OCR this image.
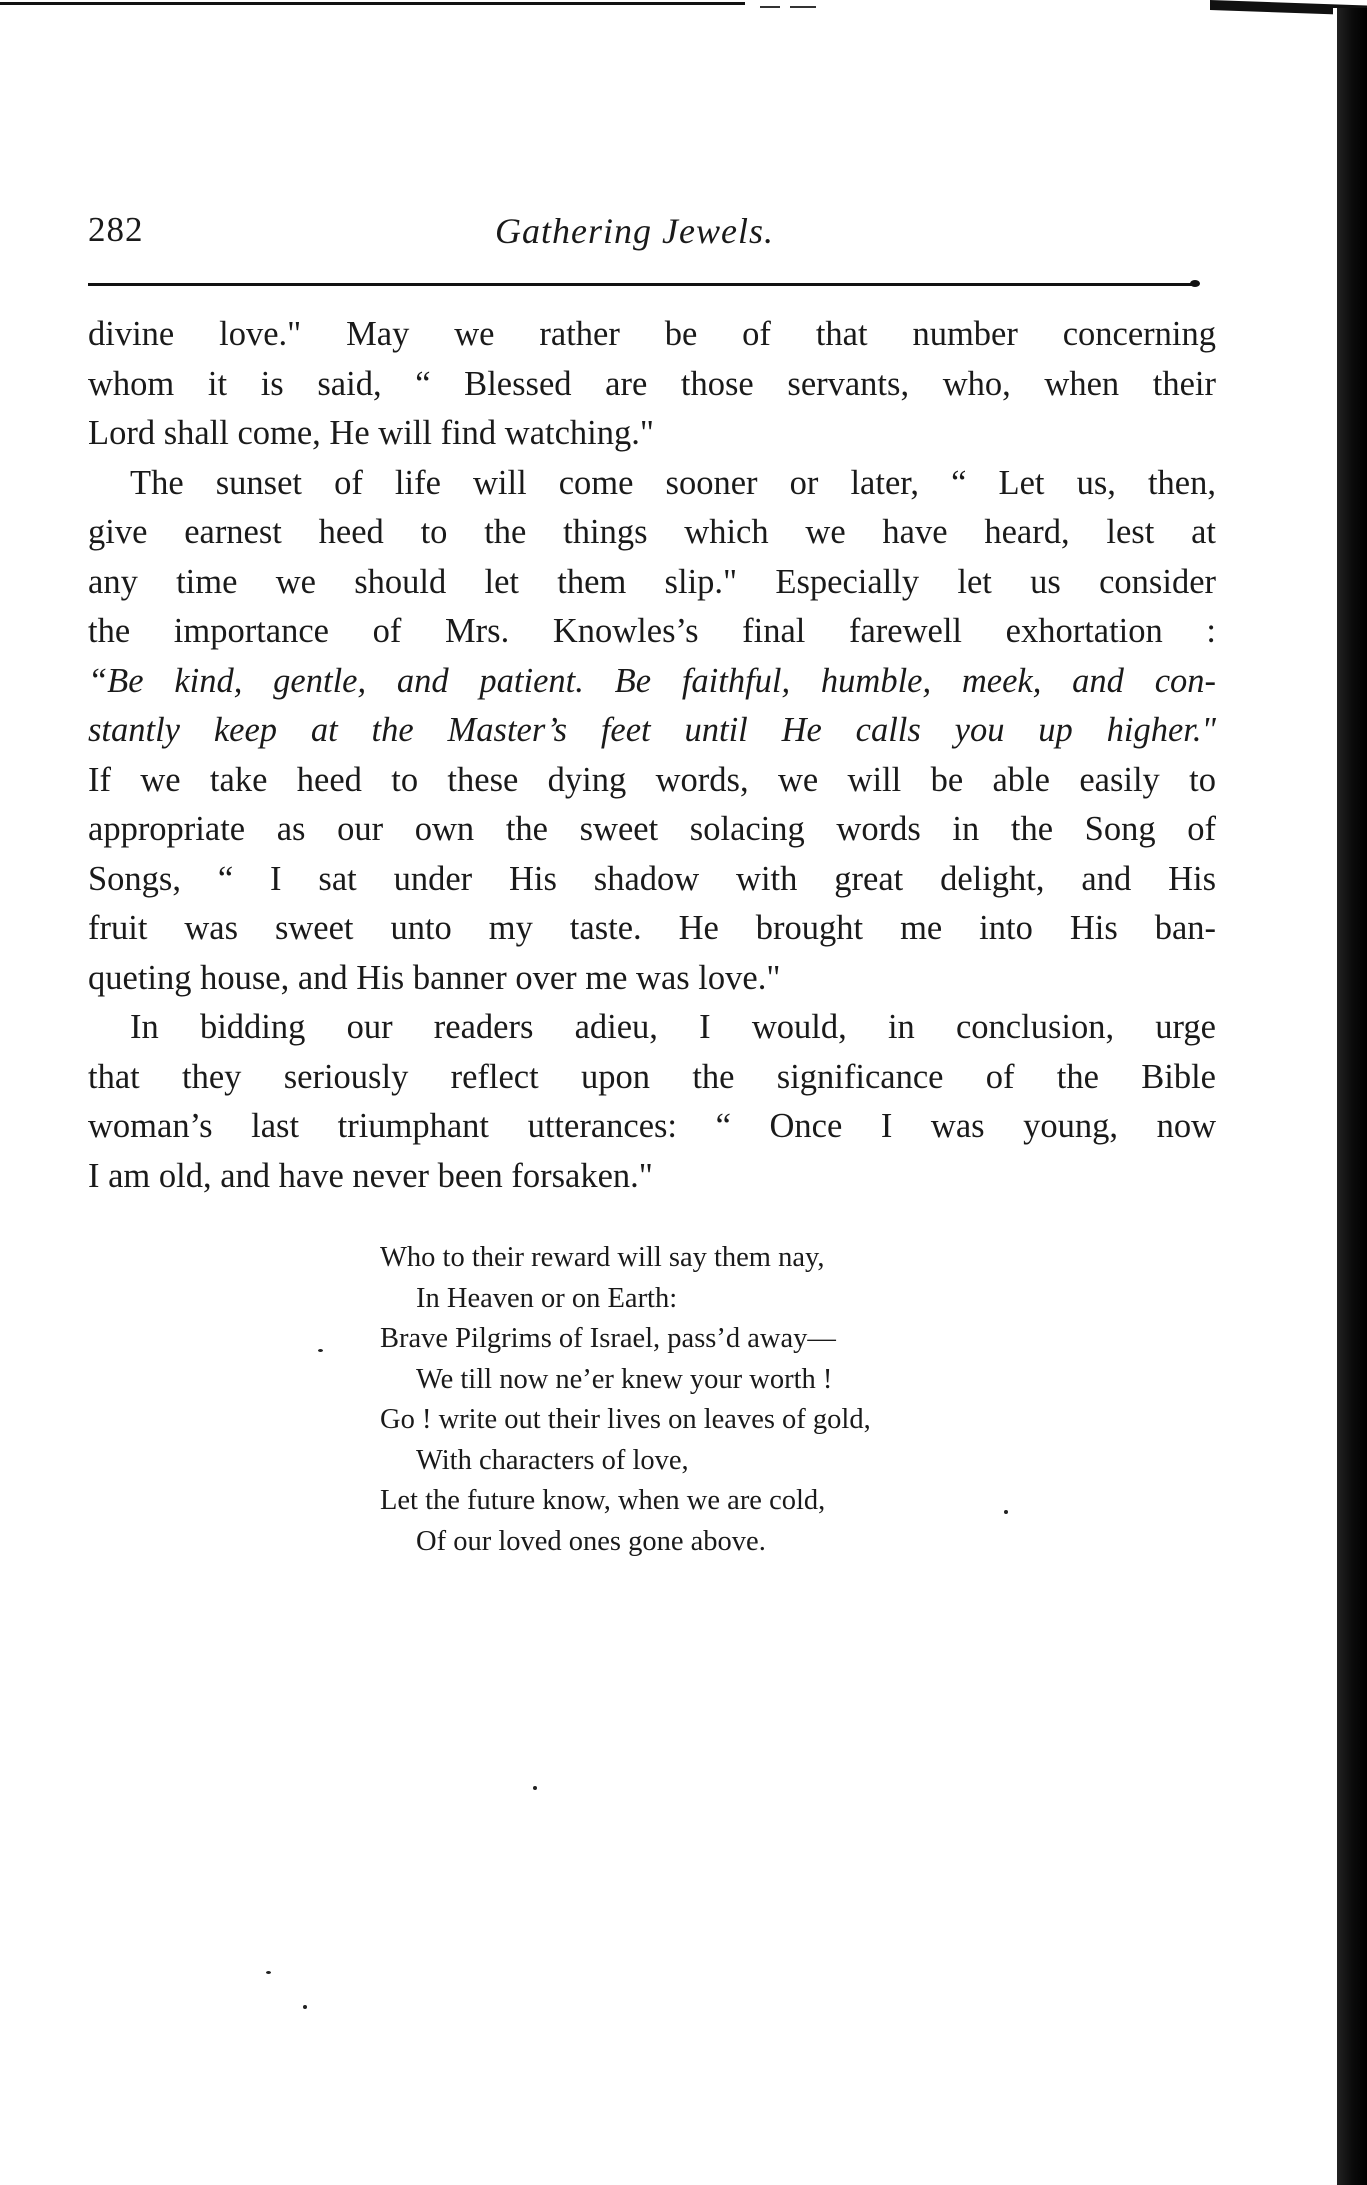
282	Gathering Jewels.
divine love." May we rather be of that number concerning
whom it is said, “ Blessed are those servants, who, when their
Lord shall come, He will find watching."
The sunset of life will come sooner or later, “ Let us, then,
give earnest heed to the things which we have heard, lest at
any time we should let them slip." Especially let us consider
the importance of Mrs. Knowles’s final farewell exhortation :
“Be kind, gentle, and patient. Be faithful, humble, meek, and con-
stantly keep at the Master’s feet until He calls you up higher."
If we take heed to these dying words, we will be able easily to
appropriate as our own the sweet solacing words in the Song of
Songs, “ I sat under His shadow with great delight, and His
fruit was sweet unto my taste. He brought me into His ban-
queting house, and His banner over me was love."
In bidding our readers adieu, I would, in conclusion, urge
that they seriously reflect upon the significance of the Bible
woman’s last triumphant utterances: “ Once I was young, now
I am old, and have never been forsaken."
Who to their reward will say them nay,
In Heaven or on Earth:
Brave Pilgrims of Israel, pass’d away—
We till now ne’er knew your worth !
Go ! write out their lives on leaves of gold,
With characters of love,
Let the future know, when we are cold,
Of our loved ones gone above.
